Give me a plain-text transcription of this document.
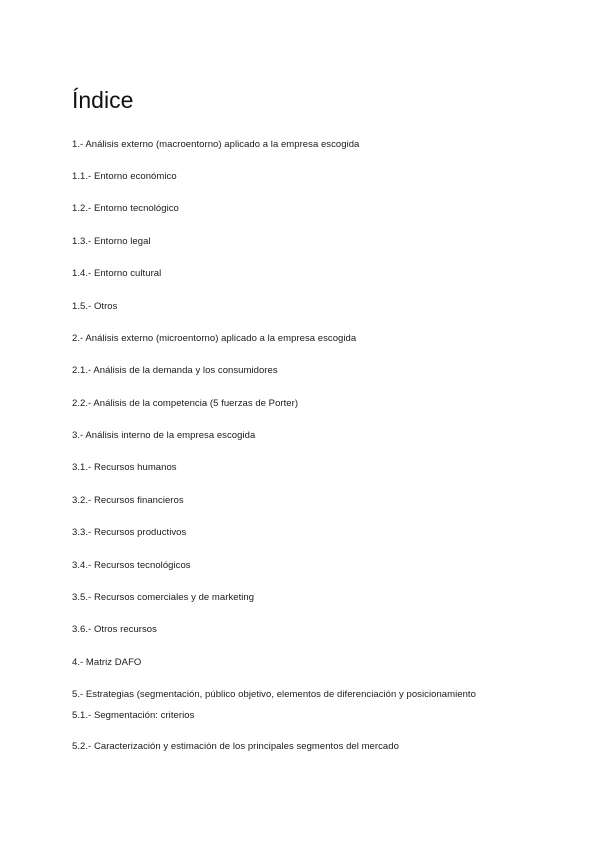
Índice
1.- Análisis externo (macroentorno) aplicado a la empresa escogida
1.1.- Entorno económico
1.2.- Entorno tecnológico
1.3.- Entorno legal
1.4.- Entorno cultural
1.5.- Otros
2.- Análisis externo (microentorno) aplicado a la empresa escogida
2.1.- Análisis de la demanda y los consumidores
2.2.- Análisis de la competencia (5 fuerzas de Porter)
3.- Análisis interno de la empresa escogida
3.1.- Recursos humanos
3.2.- Recursos financieros
3.3.- Recursos productivos
3.4.- Recursos tecnológicos
3.5.- Recursos comerciales y de marketing
3.6.- Otros recursos
4.- Matriz DAFO
5.- Estrategias (segmentación, público objetivo, elementos de diferenciación y posicionamiento
5.1.- Segmentación: criterios
5.2.- Caracterización y estimación de los principales segmentos del mercado
